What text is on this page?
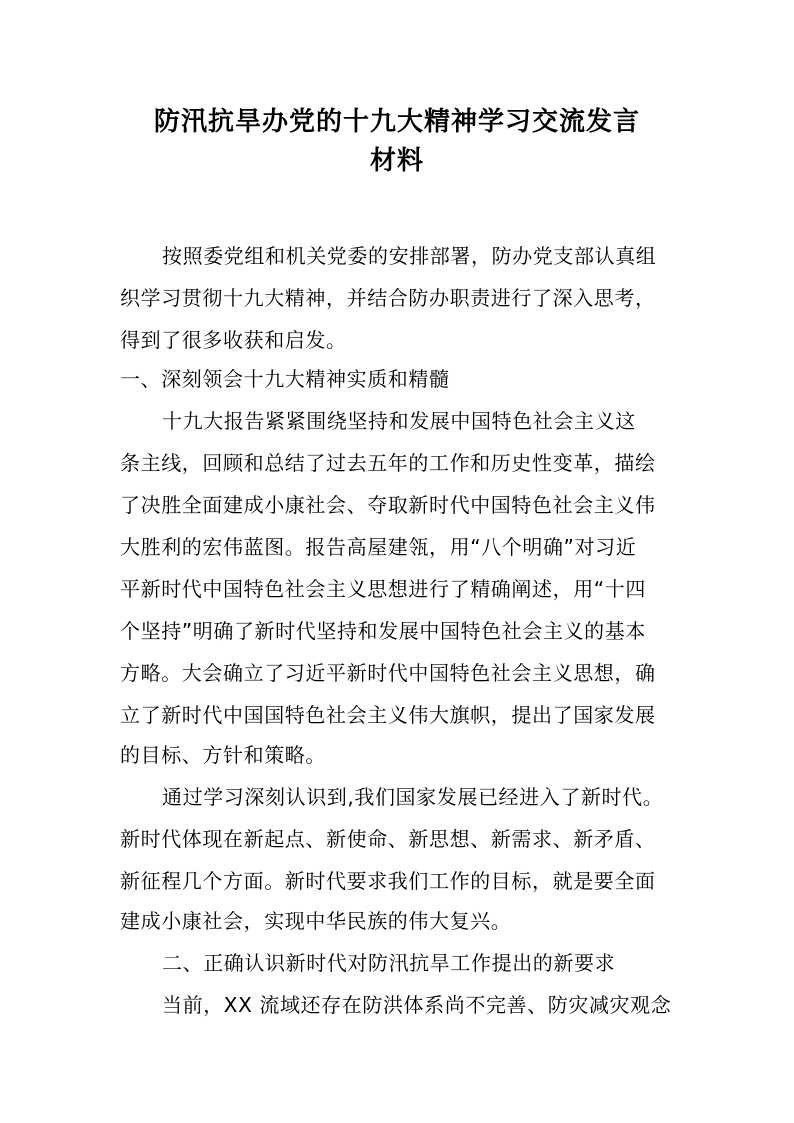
防汛抗旱办党的十九大精神学习交流发言
材料

按照委党组和机关党委的安排部署，防办党支部认真组

织学习贯彻十九大精神，并结合防办职责进行了深入思考，

得到了很多收获和启发。

一、深刻领会十九大精神实质和精髓

十九大报告紧紧围绕坚持和发展中国特色社会主义这

条主线，回顾和总结了过去五年的工作和历史性变革，描绘

了决胜全面建成小康社会、夺取新时代中国特色社会主义伟

大胜利的宏伟蓝图。报告高屋建瓴，用“八个明确”对习近

平新时代中国特色社会主义思想进行了精确阐述，用“十四

个坚持”明确了新时代坚持和发展中国特色社会主义的基本

方略。大会确立了习近平新时代中国特色社会主义思想，确

立了新时代中国国特色社会主义伟大旗帜，提出了国家发展

的目标、方针和策略。

通过学习深刻认识到,我们国家发展已经进入了新时代。

新时代体现在新起点、新使命、新思想、新需求、新矛盾、

新征程几个方面。新时代要求我们工作的目标，就是要全面

建成小康社会，实现中华民族的伟大复兴。

二、正确认识新时代对防汛抗旱工作提出的新要求

当前，XX 流域还存在防洪体系尚不完善、防灾减灾观念
